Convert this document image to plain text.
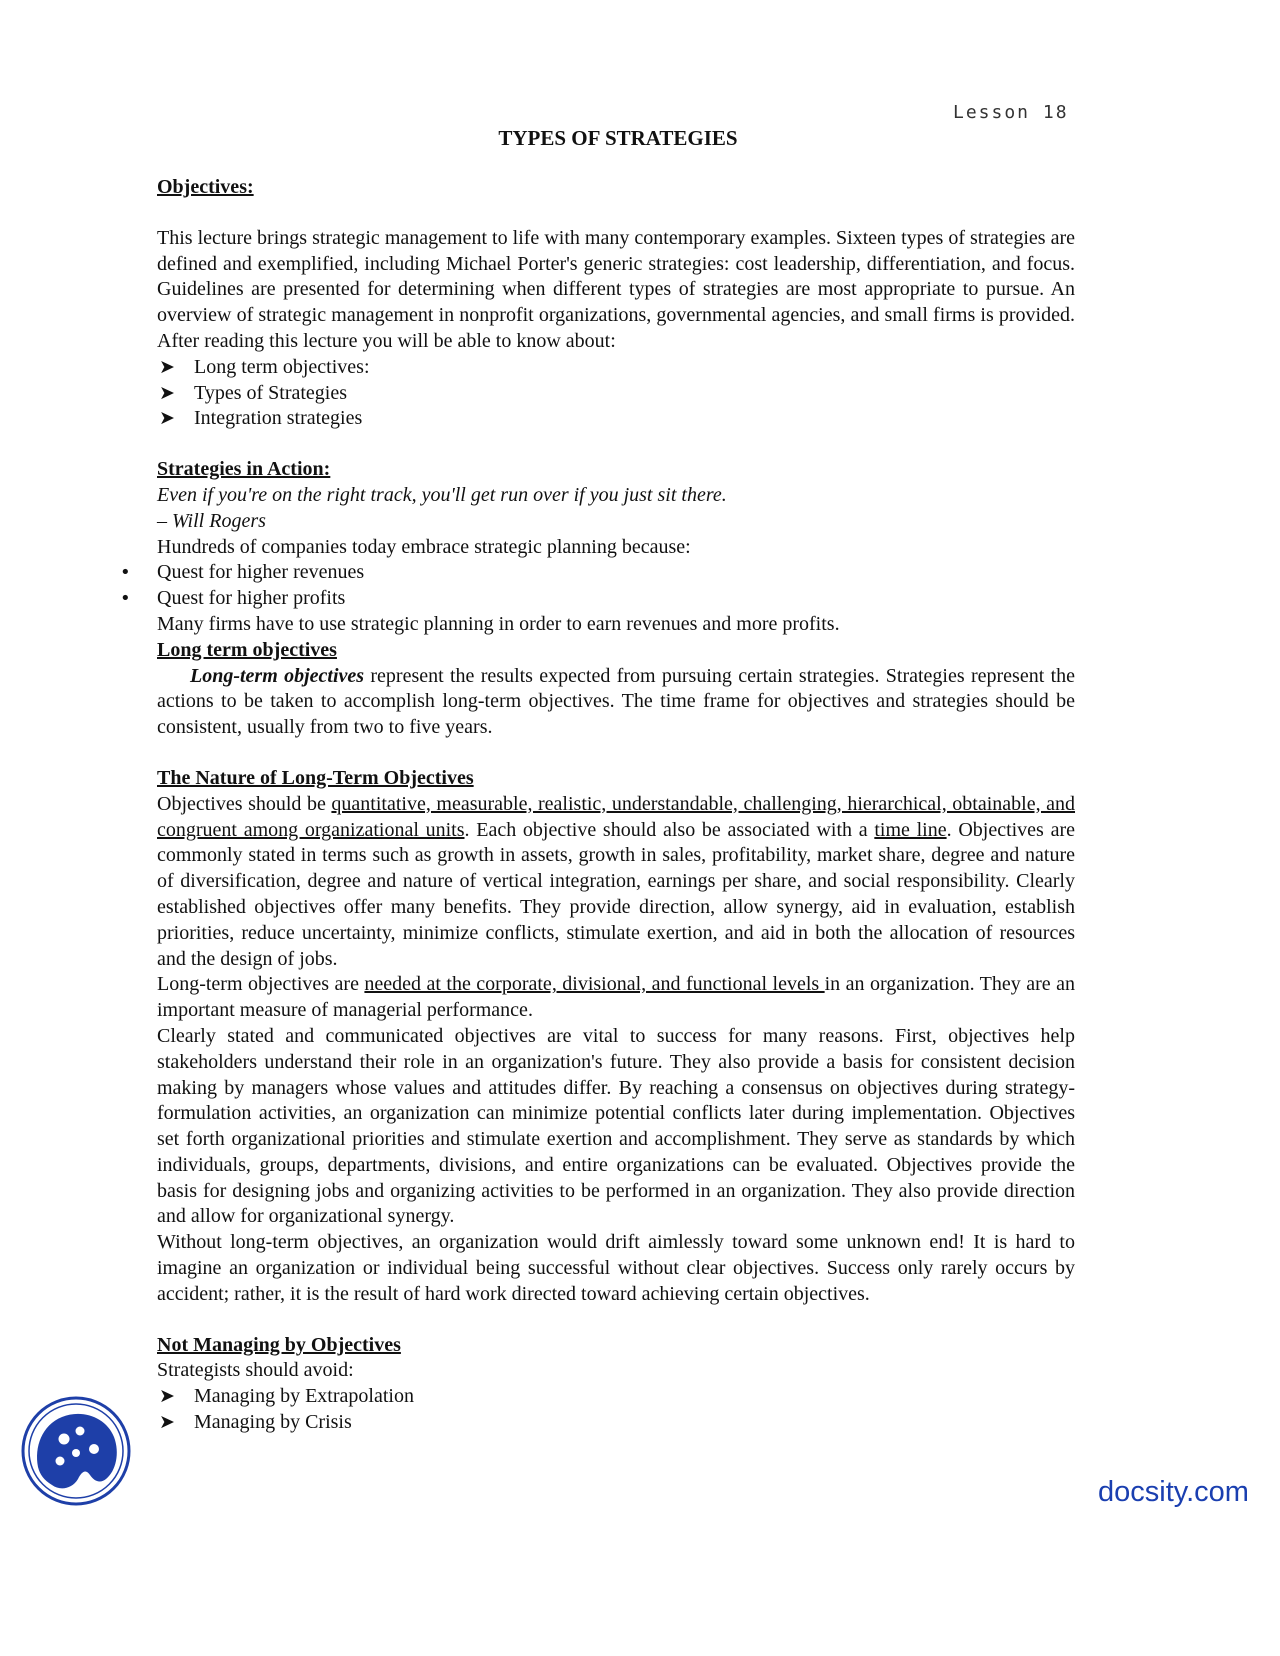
Lesson 18
TYPES OF STRATEGIES
Objectives:

This lecture brings strategic management to life with many contemporary examples. Sixteen types of strategies are defined and exemplified, including Michael Porter's generic strategies: cost leadership, differentiation, and focus. Guidelines are presented for determining when different types of strategies are most appropriate to pursue. An overview of strategic management in nonprofit organizations, governmental agencies, and small firms is provided. After reading this lecture you will be able to know about:

➤ Long term objectives:
➤ Types of Strategies
➤ Integration strategies
Strategies in Action:

Even if you're on the right track, you'll get run over if you just sit there.

– Will Rogers

Hundreds of companies today embrace strategic planning because:

• Quest for higher revenues
• Quest for higher profits

Many firms have to use strategic planning in order to earn revenues and more profits.

Long term objectives

Long-term objectives represent the results expected from pursuing certain strategies. Strategies represent the actions to be taken to accomplish long-term objectives. The time frame for objectives and strategies should be consistent, usually from two to five years.

The Nature of Long-Term Objectives

Objectives should be quantitative, measurable, realistic, understandable, challenging, hierarchical, obtainable, and congruent among organizational units. Each objective should also be associated with a time line. Objectives are commonly stated in terms such as growth in assets, growth in sales, profitability, market share, degree and nature of diversification, degree and nature of vertical integration, earnings per share, and social responsibility. Clearly established objectives offer many benefits. They provide direction, allow synergy, aid in evaluation, establish priorities, reduce uncertainty, minimize conflicts, stimulate exertion, and aid in both the allocation of resources and the design of jobs.

Long-term objectives are needed at the corporate, divisional, and functional levels in an organization. They are an important measure of managerial performance.

Clearly stated and communicated objectives are vital to success for many reasons. First, objectives help stakeholders understand their role in an organization's future. They also provide a basis for consistent decision making by managers whose values and attitudes differ. By reaching a consensus on objectives during strategy-formulation activities, an organization can minimize potential conflicts later during implementation. Objectives set forth organizational priorities and stimulate exertion and accomplishment. They serve as standards by which individuals, groups, departments, divisions, and entire organizations can be evaluated. Objectives provide the basis for designing jobs and organizing activities to be performed in an organization. They also provide direction and allow for organizational synergy.

Without long-term objectives, an organization would drift aimlessly toward some unknown end! It is hard to imagine an organization or individual being successful without clear objectives. Success only rarely occurs by accident; rather, it is the result of hard work directed toward achieving certain objectives.

Not Managing by Objectives

Strategists should avoid:

➤ Managing by Extrapolation
➤ Managing by Crisis
docsity.com
